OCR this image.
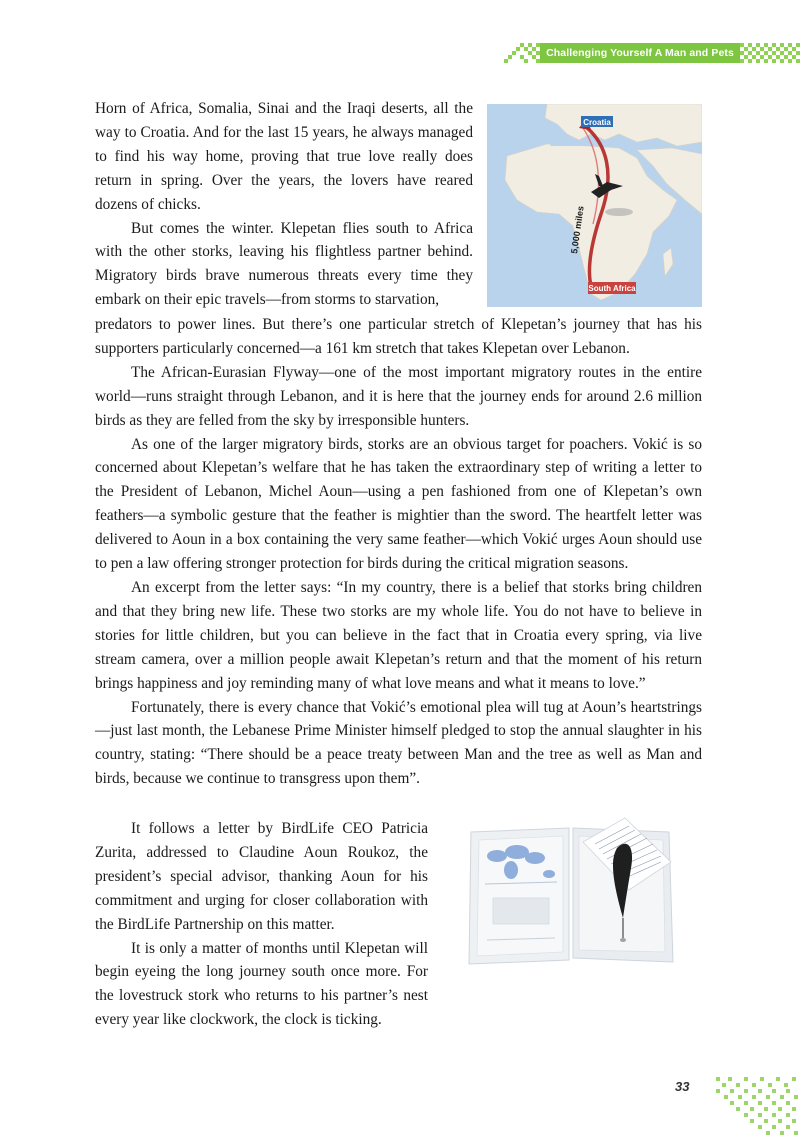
Challenging Yourself A Man and Pets
Croatia
5,000 miles
South Africa

Horn of Africa, Somalia, Sinai and the Iraqi deserts, all the way to Croatia. And for the last 15 years, he always managed to find his way home, proving that true love really does return in spring. Over the years, the lovers have reared dozens of chicks.

But comes the winter. Klepetan flies south to Africa with the other storks, leaving his flightless partner behind. Migratory birds brave numerous threats every time they embark on their epic travels—from storms to starvation,

predators to power lines. But there’s one particular stretch of Klepetan’s journey that has his supporters particularly concerned—a 161 km stretch that takes Klepetan over Lebanon.

The African-Eurasian Flyway—one of the most important migratory routes in the entire world—runs straight through Lebanon, and it is here that the journey ends for around 2.6 million birds as they are felled from the sky by irresponsible hunters.

As one of the larger migratory birds, storks are an obvious target for poachers. Vokić is so concerned about Klepetan’s welfare that he has taken the extraordinary step of writing a letter to the President of Lebanon, Michel Aoun—using a pen fashioned from one of Klepetan’s own feathers—a symbolic gesture that the feather is mightier than the sword. The heartfelt letter was delivered to Aoun in a box containing the very same feather—which Vokić urges Aoun should use to pen a law offering stronger protection for birds during the critical migration seasons.

An excerpt from the letter says: “In my country, there is a belief that storks bring children and that they bring new life. These two storks are my whole life. You do not have to believe in stories for little children, but you can believe in the fact that in Croatia every spring, via live stream camera, over a million people await Klepetan’s return and that the moment of his return brings happiness and joy reminding many of what love means and what it means to love.”

Fortunately, there is every chance that Vokić’s emotional plea will tug at Aoun’s heartstrings—just last month, the Lebanese Prime Minister himself pledged to stop the annual slaughter in his country, stating: “There should be a peace treaty between Man and the tree as well as Man and birds, because we continue to transgress upon them”.

It follows a letter by BirdLife CEO Patricia Zurita, addressed to Claudine Aoun Roukoz, the president’s special advisor, thanking Aoun for his commitment and urging for closer collaboration with the BirdLife Partnership on this matter.

It is only a matter of months until Klepetan will begin eyeing the long journey south once more. For the lovestruck stork who returns to his partner’s nest every year like clockwork, the clock is ticking.

33
